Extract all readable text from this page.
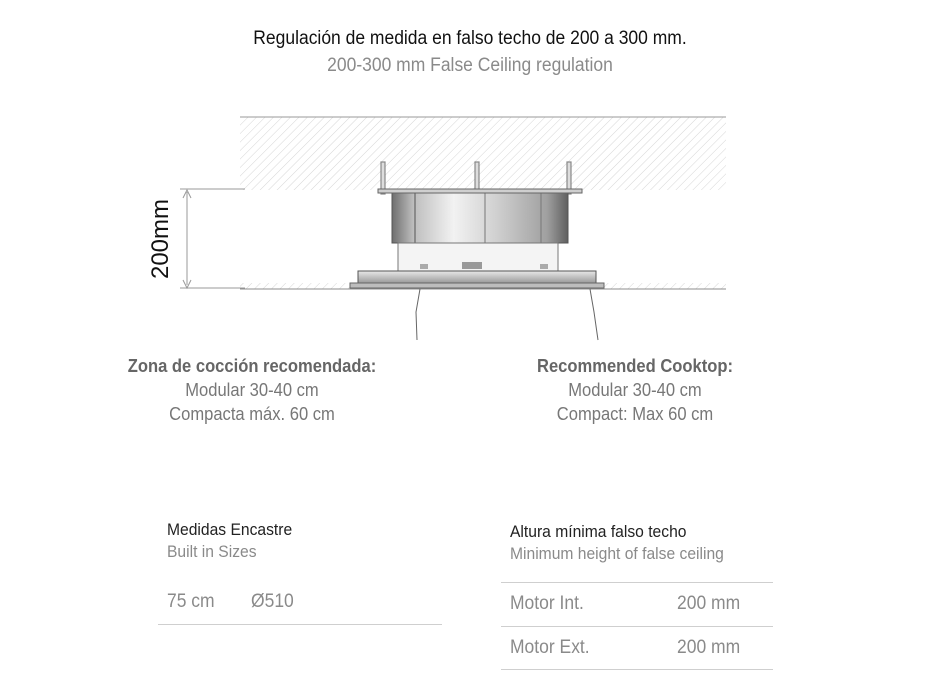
Regulación de medida en falso techo de 200 a 300 mm.
200-300 mm False Ceiling regulation
200mm
Zona de cocción recomendada:
Modular 30-40 cm
Compacta máx. 60 cm
Recommended Cooktop:
Modular 30-40 cm
Compact: Max 60 cm
Medidas Encastre
Built in Sizes
75 cm Ø510
Altura mínima falso techo
Minimum height of false ceiling
Motor Int.	200 mm
Motor Ext.	200 mm
